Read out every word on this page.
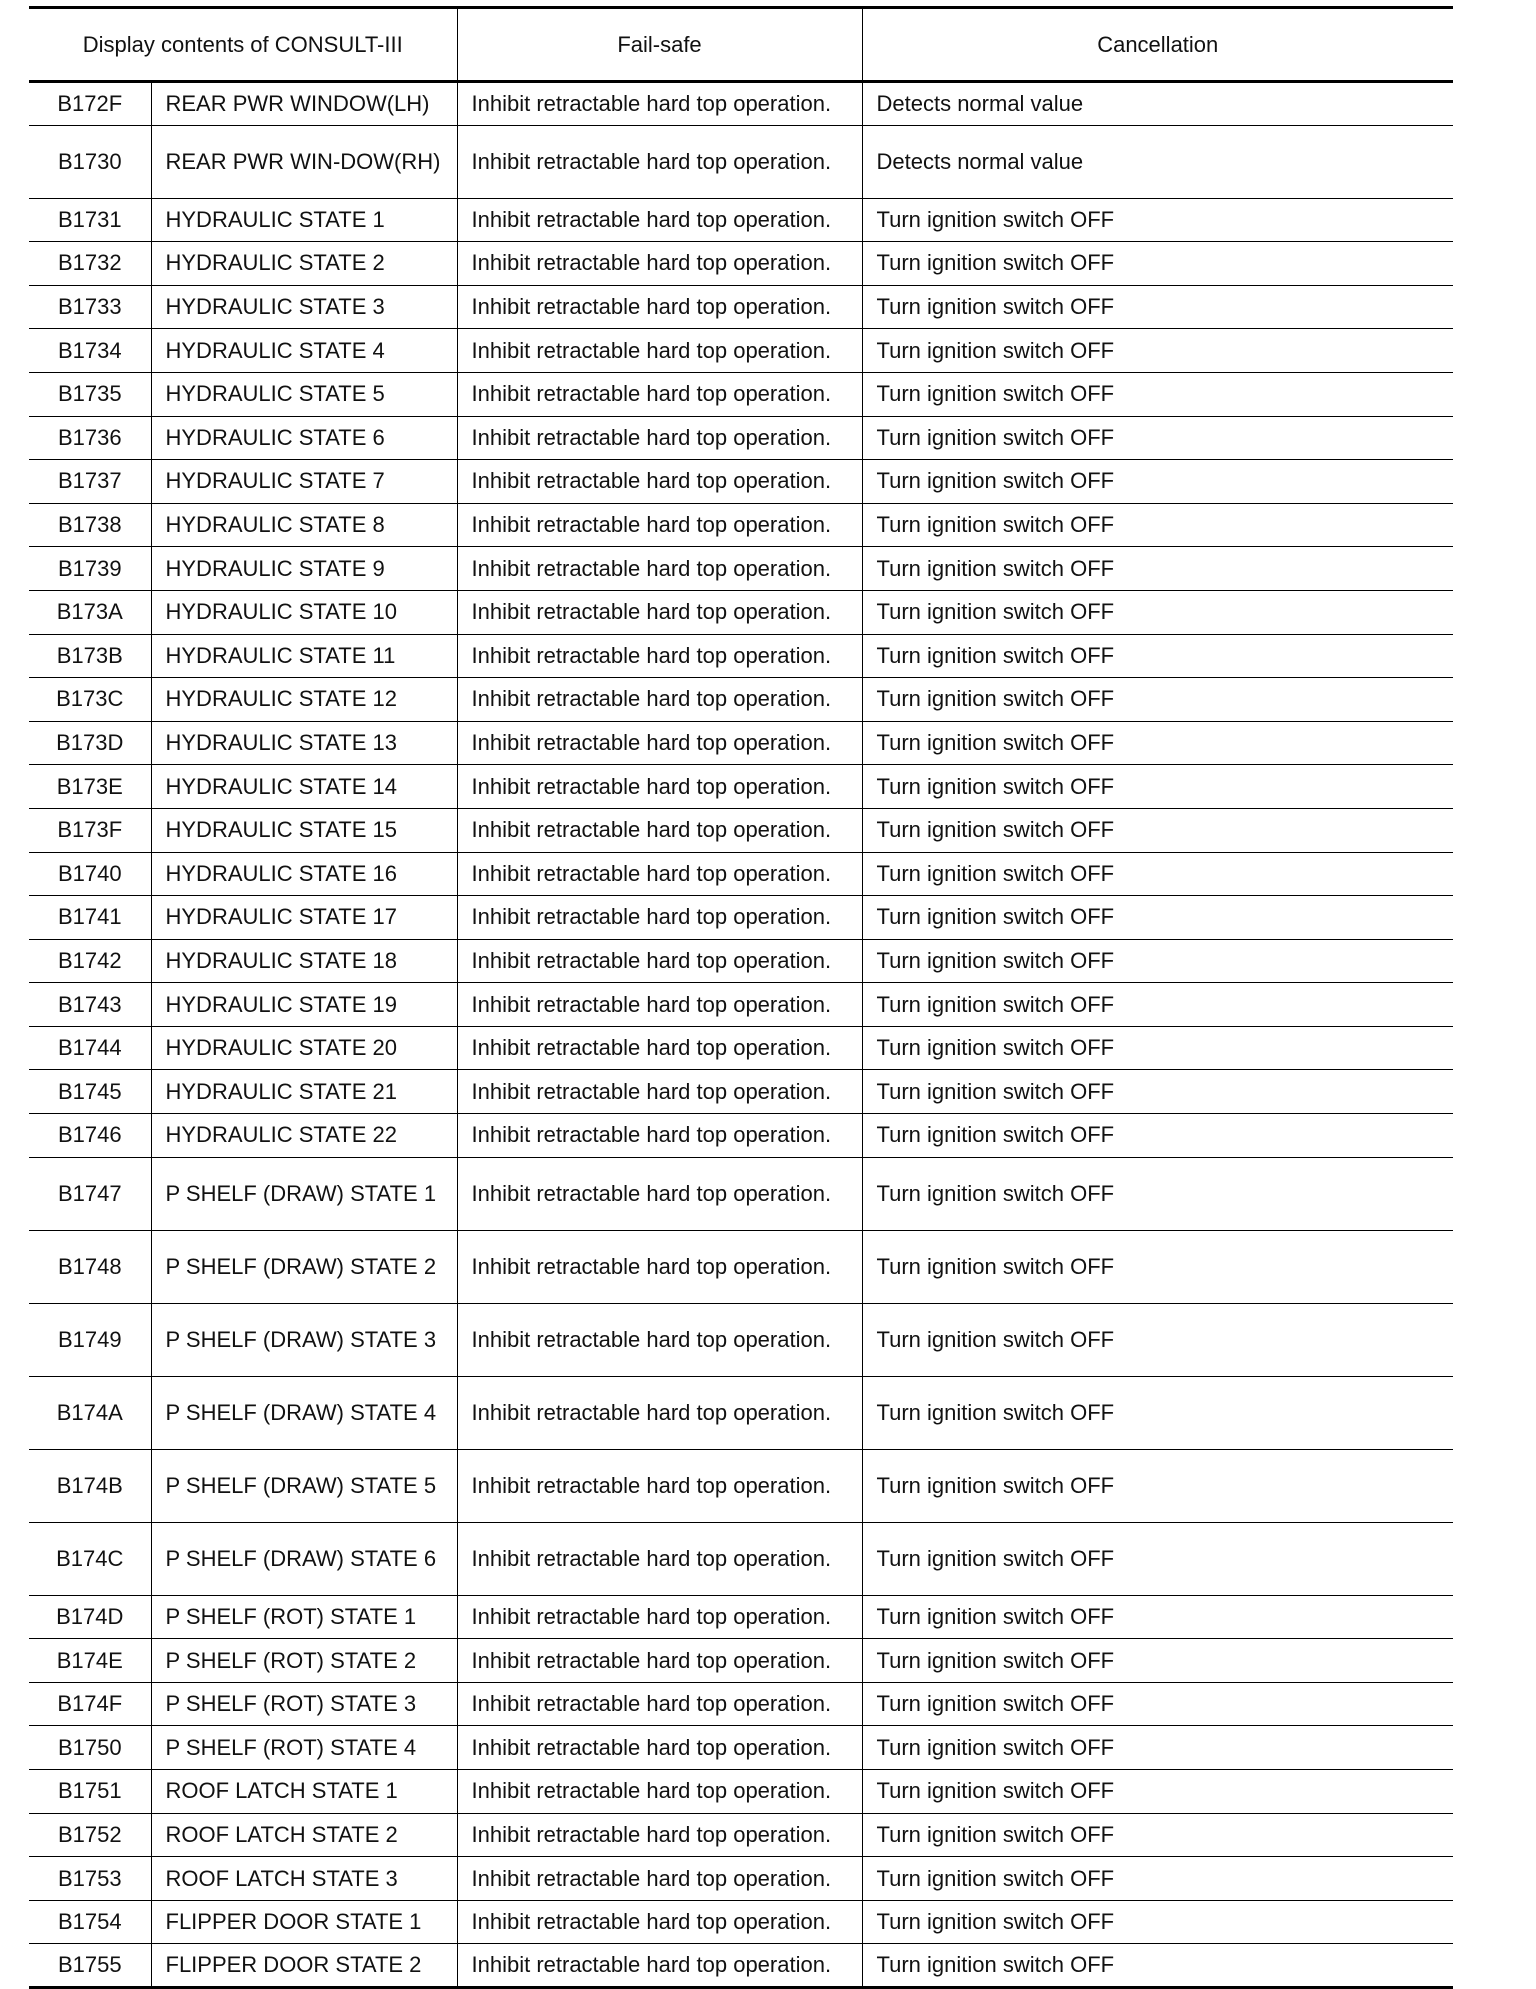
Display contents of CONSULT-III		Fail-safe	Cancellation
B172F	REAR PWR WINDOW(LH)	Inhibit retractable hard top operation.	Detects normal value
B1730	REAR PWR WIN-DOW(RH)	Inhibit retractable hard top operation.	Detects normal value
B1731	HYDRAULIC STATE 1	Inhibit retractable hard top operation.	Turn ignition switch OFF
B1732	HYDRAULIC STATE 2	Inhibit retractable hard top operation.	Turn ignition switch OFF
B1733	HYDRAULIC STATE 3	Inhibit retractable hard top operation.	Turn ignition switch OFF
B1734	HYDRAULIC STATE 4	Inhibit retractable hard top operation.	Turn ignition switch OFF
B1735	HYDRAULIC STATE 5	Inhibit retractable hard top operation.	Turn ignition switch OFF
B1736	HYDRAULIC STATE 6	Inhibit retractable hard top operation.	Turn ignition switch OFF
B1737	HYDRAULIC STATE 7	Inhibit retractable hard top operation.	Turn ignition switch OFF
B1738	HYDRAULIC STATE 8	Inhibit retractable hard top operation.	Turn ignition switch OFF
B1739	HYDRAULIC STATE 9	Inhibit retractable hard top operation.	Turn ignition switch OFF
B173A	HYDRAULIC STATE 10	Inhibit retractable hard top operation.	Turn ignition switch OFF
B173B	HYDRAULIC STATE 11	Inhibit retractable hard top operation.	Turn ignition switch OFF
B173C	HYDRAULIC STATE 12	Inhibit retractable hard top operation.	Turn ignition switch OFF
B173D	HYDRAULIC STATE 13	Inhibit retractable hard top operation.	Turn ignition switch OFF
B173E	HYDRAULIC STATE 14	Inhibit retractable hard top operation.	Turn ignition switch OFF
B173F	HYDRAULIC STATE 15	Inhibit retractable hard top operation.	Turn ignition switch OFF
B1740	HYDRAULIC STATE 16	Inhibit retractable hard top operation.	Turn ignition switch OFF
B1741	HYDRAULIC STATE 17	Inhibit retractable hard top operation.	Turn ignition switch OFF
B1742	HYDRAULIC STATE 18	Inhibit retractable hard top operation.	Turn ignition switch OFF
B1743	HYDRAULIC STATE 19	Inhibit retractable hard top operation.	Turn ignition switch OFF
B1744	HYDRAULIC STATE 20	Inhibit retractable hard top operation.	Turn ignition switch OFF
B1745	HYDRAULIC STATE 21	Inhibit retractable hard top operation.	Turn ignition switch OFF
B1746	HYDRAULIC STATE 22	Inhibit retractable hard top operation.	Turn ignition switch OFF
B1747	P SHELF (DRAW) STATE 1	Inhibit retractable hard top operation.	Turn ignition switch OFF
B1748	P SHELF (DRAW) STATE 2	Inhibit retractable hard top operation.	Turn ignition switch OFF
B1749	P SHELF (DRAW) STATE 3	Inhibit retractable hard top operation.	Turn ignition switch OFF
B174A	P SHELF (DRAW) STATE 4	Inhibit retractable hard top operation.	Turn ignition switch OFF
B174B	P SHELF (DRAW) STATE 5	Inhibit retractable hard top operation.	Turn ignition switch OFF
B174C	P SHELF (DRAW) STATE 6	Inhibit retractable hard top operation.	Turn ignition switch OFF
B174D	P SHELF (ROT) STATE 1	Inhibit retractable hard top operation.	Turn ignition switch OFF
B174E	P SHELF (ROT) STATE 2	Inhibit retractable hard top operation.	Turn ignition switch OFF
B174F	P SHELF (ROT) STATE 3	Inhibit retractable hard top operation.	Turn ignition switch OFF
B1750	P SHELF (ROT) STATE 4	Inhibit retractable hard top operation.	Turn ignition switch OFF
B1751	ROOF LATCH STATE 1	Inhibit retractable hard top operation.	Turn ignition switch OFF
B1752	ROOF LATCH STATE 2	Inhibit retractable hard top operation.	Turn ignition switch OFF
B1753	ROOF LATCH STATE 3	Inhibit retractable hard top operation.	Turn ignition switch OFF
B1754	FLIPPER DOOR STATE 1	Inhibit retractable hard top operation.	Turn ignition switch OFF
B1755	FLIPPER DOOR STATE 2	Inhibit retractable hard top operation.	Turn ignition switch OFF
